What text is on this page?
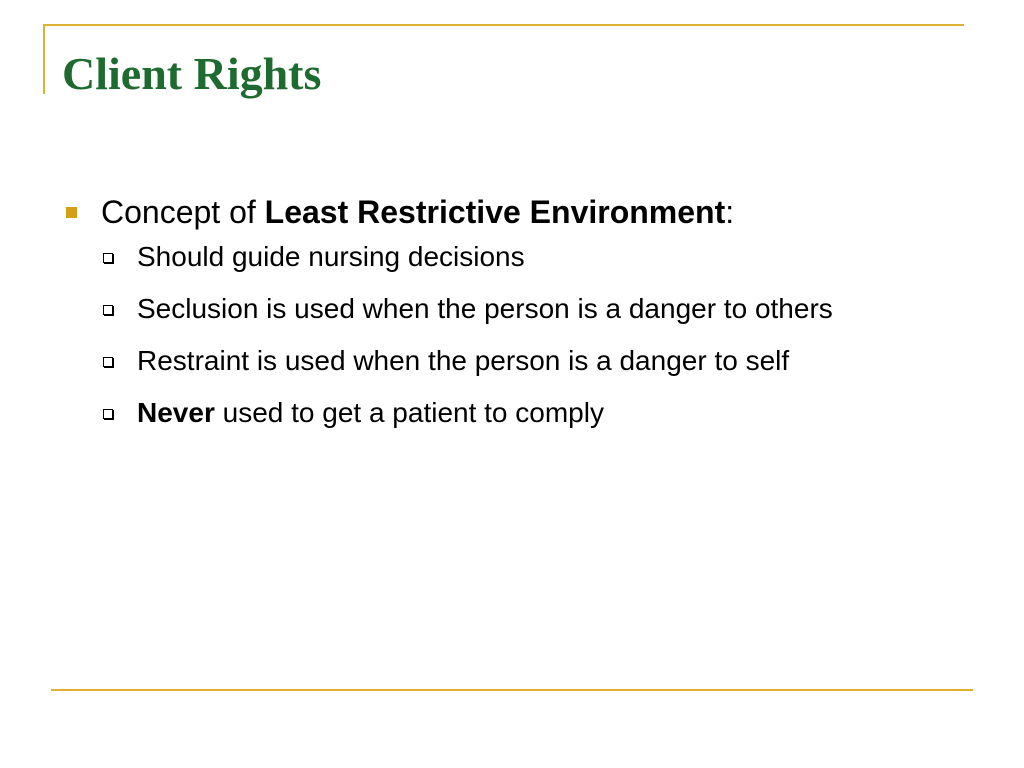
Client Rights
Concept of Least Restrictive Environment:
Should guide nursing decisions
Seclusion is used when the person is a danger to others
Restraint is used when the person is a danger to self
Never used to get a patient to comply
